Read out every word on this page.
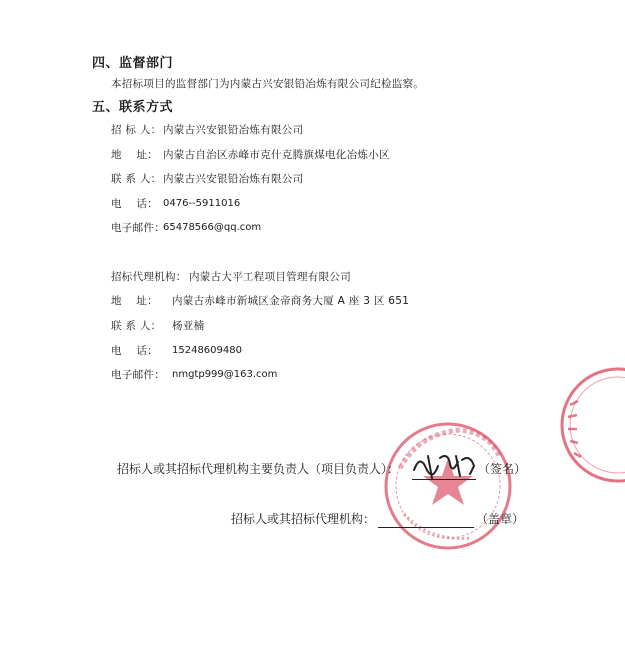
四、监督部门
本招标项目的监督部门为内蒙古兴安银铅冶炼有限公司纪检监察。
五、联系方式
招 标 人： 内蒙古兴安银铅冶炼有限公司
地    址： 内蒙古自治区赤峰市克什克腾旗煤电化冶炼小区
联 系 人： 内蒙古兴安银铅冶炼有限公司
电    话： 0476--5911016
电子邮件：
65478566@qq.com
招标代理机构： 内蒙古大平工程项目管理有限公司
地    址： 内蒙古赤峰市新城区金帝商务大厦 A 座 3 区 651
联 系 人： 杨亚楠
电    话： 15248609480
电子邮件： nmgtp999@163.com
招标人或其招标代理机构主要负责人（项目负责人）：	（签名）
招标人或其招标代理机构：	（盖章）
